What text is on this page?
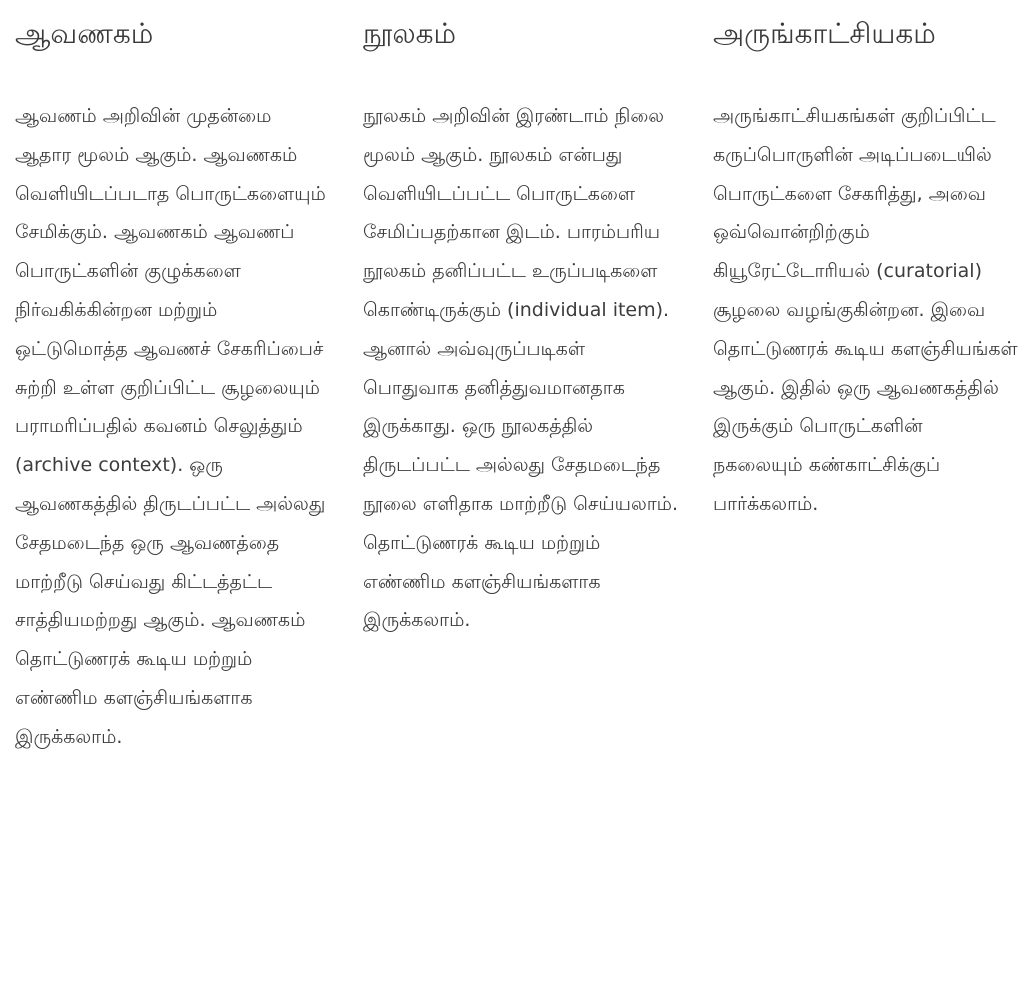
ஆவணகம்

ஆவணம் அறிவின் முதன்மை ஆதார மூலம் ஆகும். ஆவணகம் வெளியிடப்படாத பொருட்களையும் சேமிக்கும். ஆவணகம் ஆவணப் பொருட்களின் குழுக்களை நிர்வகிக்கின்றன மற்றும் ஒட்டுமொத்த ஆவணச் சேகரிப்பைச் சுற்றி உள்ள குறிப்பிட்ட சூழலையும் பராமரிப்பதில் கவனம் செலுத்தும் (archive context). ஒரு ஆவணகத்தில் திருடப்பட்ட அல்லது சேதமடைந்த ஒரு ஆவணத்தை மாற்றீடு செய்வது கிட்டத்தட்ட சாத்தியமற்றது ஆகும். ஆவணகம் தொட்டுணரக் கூடிய மற்றும் எண்ணிம களஞ்சியங்களாக இருக்கலாம்.

நூலகம்

நூலகம் அறிவின் இரண்டாம் நிலை மூலம் ஆகும். நூலகம் என்பது வெளியிடப்பட்ட பொருட்களை சேமிப்பதற்கான இடம். பாரம்பரிய நூலகம் தனிப்பட்ட உருப்படிகளை கொண்டிருக்கும் (individual item). ஆனால் அவ்வுருப்படிகள் பொதுவாக தனித்துவமானதாக இருக்காது. ஒரு நூலகத்தில் திருடப்பட்ட அல்லது சேதமடைந்த நூலை எளிதாக மாற்றீடு செய்யலாம். தொட்டுணரக் கூடிய மற்றும் எண்ணிம களஞ்சியங்களாக இருக்கலாம்.

அருங்காட்சியகம்

அருங்காட்சியகங்கள் குறிப்பிட்ட கருப்பொருளின் அடிப்படையில் பொருட்களை சேகரித்து, அவை ஒவ்வொன்றிற்கும் கியூரேட்டோரியல் (curatorial) சூழலை வழங்குகின்றன. இவை தொட்டுணரக் கூடிய களஞ்சியங்கள் ஆகும். இதில் ஒரு ஆவணகத்தில் இருக்கும் பொருட்களின் நகலையும் கண்காட்சிக்குப் பார்க்கலாம்.
